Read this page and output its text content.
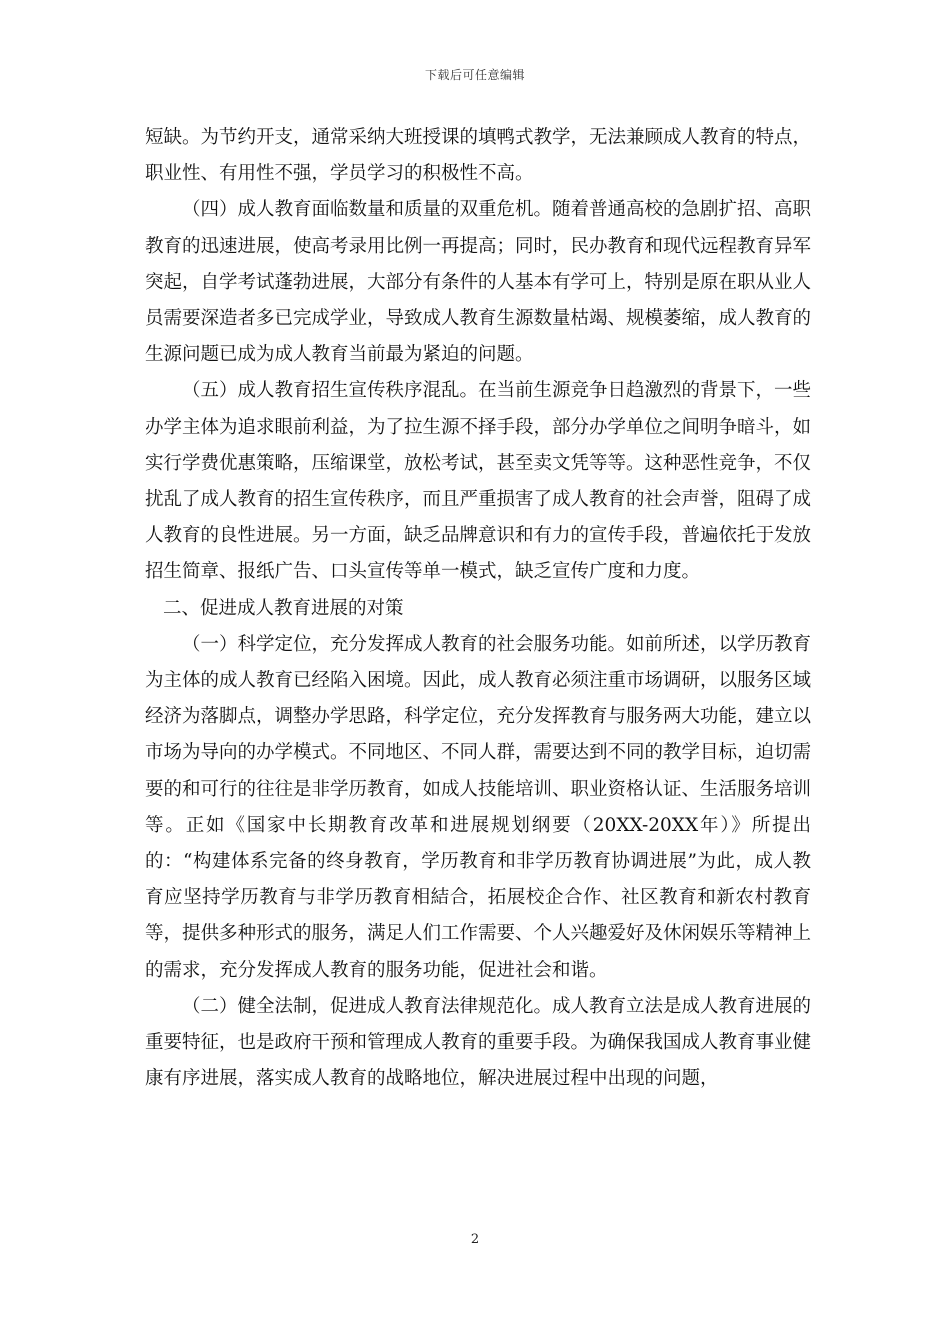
下载后可任意编辑

短缺。为节约开支，通常采纳大班授课的填鸭式教学，无法兼顾成人教育的特点，职业性、有用性不强，学员学习的积极性不高。

（四）成人教育面临数量和质量的双重危机。随着普通高校的急剧扩招、高职教育的迅速进展，使高考录用比例一再提高；同时，民办教育和现代远程教育异军突起，自学考试蓬勃进展，大部分有条件的人基本有学可上，特别是原在职从业人员需要深造者多已完成学业，导致成人教育生源数量枯竭、规模萎缩，成人教育的生源问题已成为成人教育当前最为紧迫的问题。

（五）成人教育招生宣传秩序混乱。在当前生源竞争日趋激烈的背景下，一些办学主体为追求眼前利益，为了拉生源不择手段，部分办学单位之间明争暗斗，如实行学费优惠策略，压缩课堂，放松考试，甚至卖文凭等等。这种恶性竞争，不仅扰乱了成人教育的招生宣传秩序，而且严重损害了成人教育的社会声誉，阻碍了成人教育的良性进展。另一方面，缺乏品牌意识和有力的宣传手段，普遍依托于发放招生简章、报纸广告、口头宣传等单一模式，缺乏宣传广度和力度。

二、促进成人教育进展的对策

（一）科学定位，充分发挥成人教育的社会服务功能。如前所述，以学历教育为主体的成人教育已经陷入困境。因此，成人教育必须注重市场调研，以服务区域经济为落脚点，调整办学思路，科学定位，充分发挥教育与服务两大功能，建立以市场为导向的办学模式。不同地区、不同人群，需要达到不同的教学目标，迫切需要的和可行的往往是非学历教育，如成人技能培训、职业资格认证、生活服务培训等。正如《国家中长期教育改革和进展规划纲要（20XX-20XX年）》所提出的：“构建体系完备的终身教育，学历教育和非学历教育协调进展”为此，成人教育应坚持学历教育与非学历教育相結合，拓展校企合作、社区教育和新农村教育等，提供多种形式的服务，满足人们工作需要、个人兴趣爱好及休闲娱乐等精神上的需求，充分发挥成人教育的服务功能，促进社会和谐。

（二）健全法制，促进成人教育法律规范化。成人教育立法是成人教育进展的重要特征，也是政府干预和管理成人教育的重要手段。为确保我国成人教育事业健康有序进展，落实成人教育的战略地位，解决进展过程中出现的问题，

2
